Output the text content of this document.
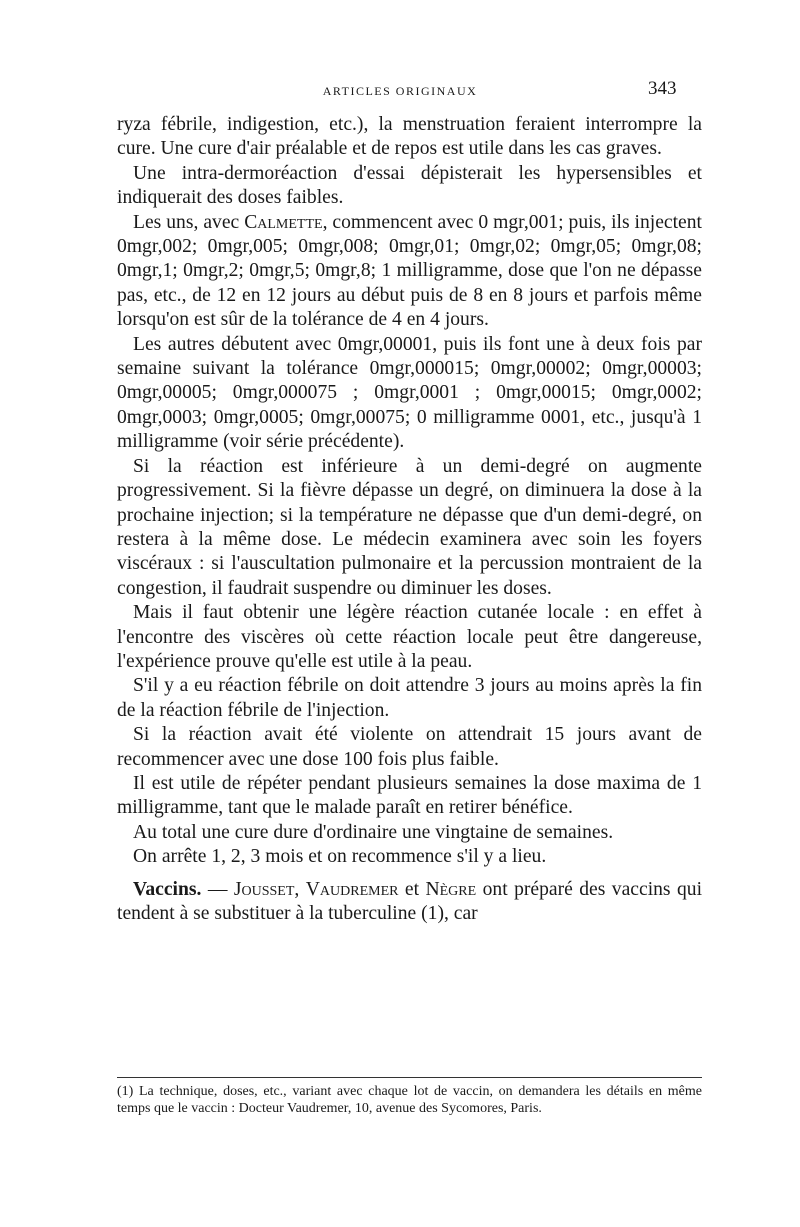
ARTICLES ORIGINAUX	343

ryza fébrile, indigestion, etc.), la menstruation feraient interrompre la cure. Une cure d'air préalable et de repos est utile dans les cas graves.

Une intra-dermoréaction d'essai dépisterait les hypersensibles et indiquerait des doses faibles.

Les uns, avec Calmette, commencent avec 0 mgr,001; puis, ils injectent 0mgr,002; 0mgr,005; 0mgr,008; 0mgr,01; 0mgr,02; 0mgr,05; 0mgr,08; 0mgr,1; 0mgr,2; 0mgr,5; 0mgr,8; 1 milligramme, dose que l'on ne dépasse pas, etc., de 12 en 12 jours au début puis de 8 en 8 jours et parfois même lorsqu'on est sûr de la tolérance de 4 en 4 jours.

Les autres débutent avec 0mgr,00001, puis ils font une à deux fois par semaine suivant la tolérance 0mgr,000015; 0mgr,00002; 0mgr,00003; 0mgr,00005; 0mgr,000075 ; 0mgr,0001 ; 0mgr,00015; 0mgr,0002; 0mgr,0003; 0mgr,0005; 0mgr,00075; 0 milligramme 0001, etc., jusqu'à 1 milligramme (voir série précédente).

Si la réaction est inférieure à un demi-degré on augmente progressivement. Si la fièvre dépasse un degré, on diminuera la dose à la prochaine injection; si la température ne dépasse que d'un demi-degré, on restera à la même dose. Le médecin examinera avec soin les foyers viscéraux : si l'auscultation pulmonaire et la percussion montraient de la congestion, il faudrait suspendre ou diminuer les doses.

Mais il faut obtenir une légère réaction cutanée locale : en effet à l'encontre des viscères où cette réaction locale peut être dangereuse, l'expérience prouve qu'elle est utile à la peau.

S'il y a eu réaction fébrile on doit attendre 3 jours au moins après la fin de la réaction fébrile de l'injection.

Si la réaction avait été violente on attendrait 15 jours avant de recommencer avec une dose 100 fois plus faible.

Il est utile de répéter pendant plusieurs semaines la dose maxima de 1 milligramme, tant que le malade paraît en retirer bénéfice.

Au total une cure dure d'ordinaire une vingtaine de semaines.

On arrête 1, 2, 3 mois et on recommence s'il y a lieu.

Vaccins. — Jousset, Vaudremer et Nègre ont préparé des vaccins qui tendent à se substituer à la tuberculine (1), car

(1) La technique, doses, etc., variant avec chaque lot de vaccin, on demandera les détails en même temps que le vaccin : Docteur Vaudremer, 10, avenue des Sycomores, Paris.
